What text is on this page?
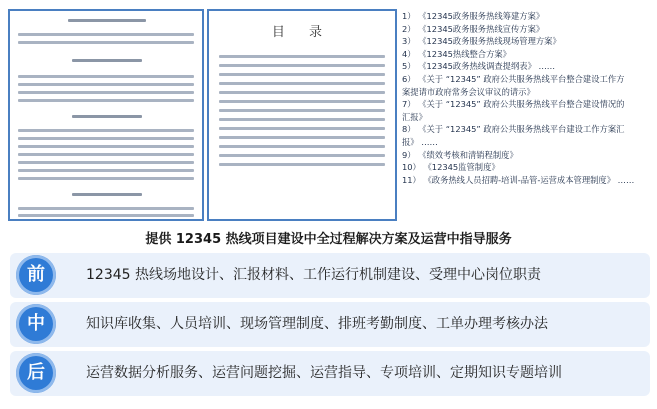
目 录
1） 《12345政务服务热线筹建方案》
2） 《12345政务服务热线宣传方案》
3） 《12345政务服务热线现场管理方案》
4） 《12345热线整合方案》
5） 《12345政务热线调查提纲表》 ……
6） 《关于 “12345” 政府公共服务热线平台整合建设工作方
案提请市政府常务会议审议的请示》
7） 《关于 “12345” 政府公共服务热线平台整合建设情况的
汇报》
8） 《关于 “12345” 政府公共服务热线平台建设工作方案汇
报》 ……
9） 《绩效考核和清销程制度》
10） 《12345监管制度》
11） 《政务热线人员招聘-培训-品管-运营成本管理制度》 ……
提供 12345 热线项目建设中全过程解决方案及运营中指导服务
前	12345 热线场地设计、汇报材料、工作运行机制建设、受理中心岗位职责
中	知识库收集、人员培训、现场管理制度、排班考勤制度、工单办理考核办法
后	运营数据分析服务、运营问题挖掘、运营指导、专项培训、定期知识专题培训
